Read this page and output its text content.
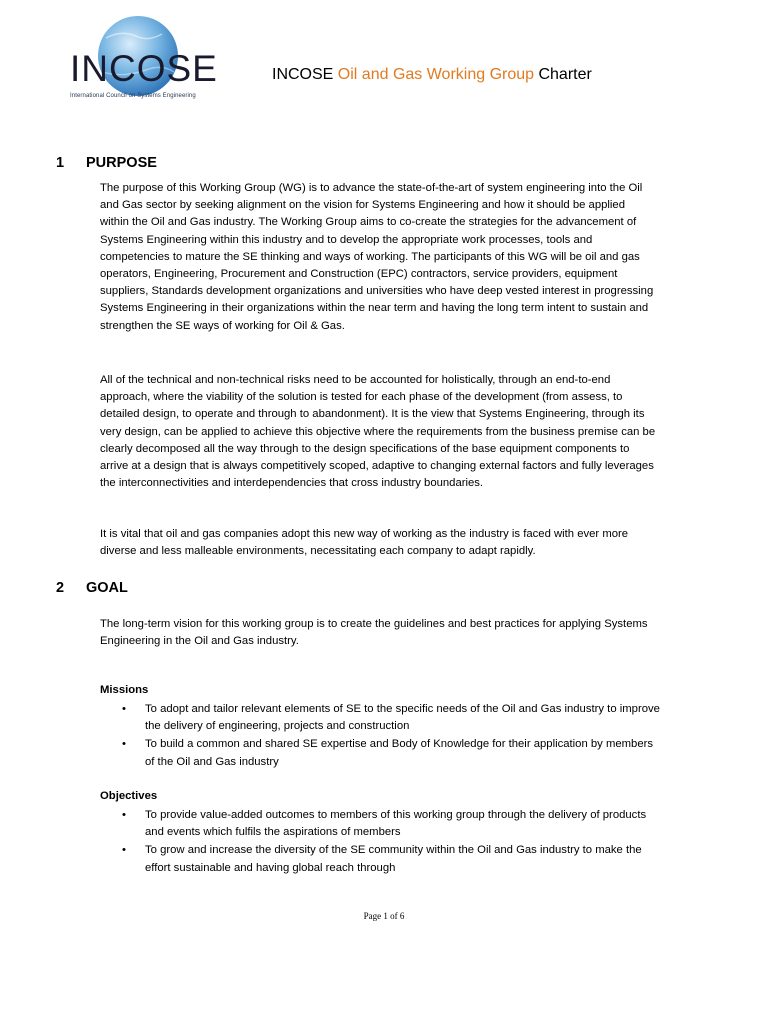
INCOSE
International Council on Systems Engineering
INCOSE Oil and Gas Working Group Charter
1 PURPOSE

The purpose of this Working Group (WG) is to advance the state-of-the-art of system engineering into the Oil and Gas sector by seeking alignment on the vision for Systems Engineering and how it should be applied within the Oil and Gas industry. The Working Group aims to co-create the strategies for the advancement of Systems Engineering within this industry and to develop the appropriate work processes, tools and competencies to mature the SE thinking and ways of working. The participants of this WG will be oil and gas operators, Engineering, Procurement and Construction (EPC) contractors, service providers, equipment suppliers, Standards development organizations and universities who have deep vested interest in progressing Systems Engineering in their organizations within the near term and having the long term intent to sustain and strengthen the SE ways of working for Oil & Gas.

All of the technical and non-technical risks need to be accounted for holistically, through an end-to-end approach, where the viability of the solution is tested for each phase of the development (from assess, to detailed design, to operate and through to abandonment). It is the view that Systems Engineering, through its very design, can be applied to achieve this objective where the requirements from the business premise can be clearly decomposed all the way through to the design specifications of the base equipment components to arrive at a design that is always competitively scoped, adaptive to changing external factors and fully leverages the interconnectivities and interdependencies that cross industry boundaries.

It is vital that oil and gas companies adopt this new way of working as the industry is faced with ever more diverse and less malleable environments, necessitating each company to adapt rapidly.

2 GOAL

The long-term vision for this working group is to create the guidelines and best practices for applying Systems Engineering in the Oil and Gas industry.

Missions
• To adopt and tailor relevant elements of SE to the specific needs of the Oil and Gas industry to improve the delivery of engineering, projects and construction
• To build a common and shared SE expertise and Body of Knowledge for their application by members of the Oil and Gas industry
Objectives
• To provide value-added outcomes to members of this working group through the delivery of products and events which fulfils the aspirations of members
• To grow and increase the diversity of the SE community within the Oil and Gas industry to make the effort sustainable and having global reach through
Page 1 of 6
